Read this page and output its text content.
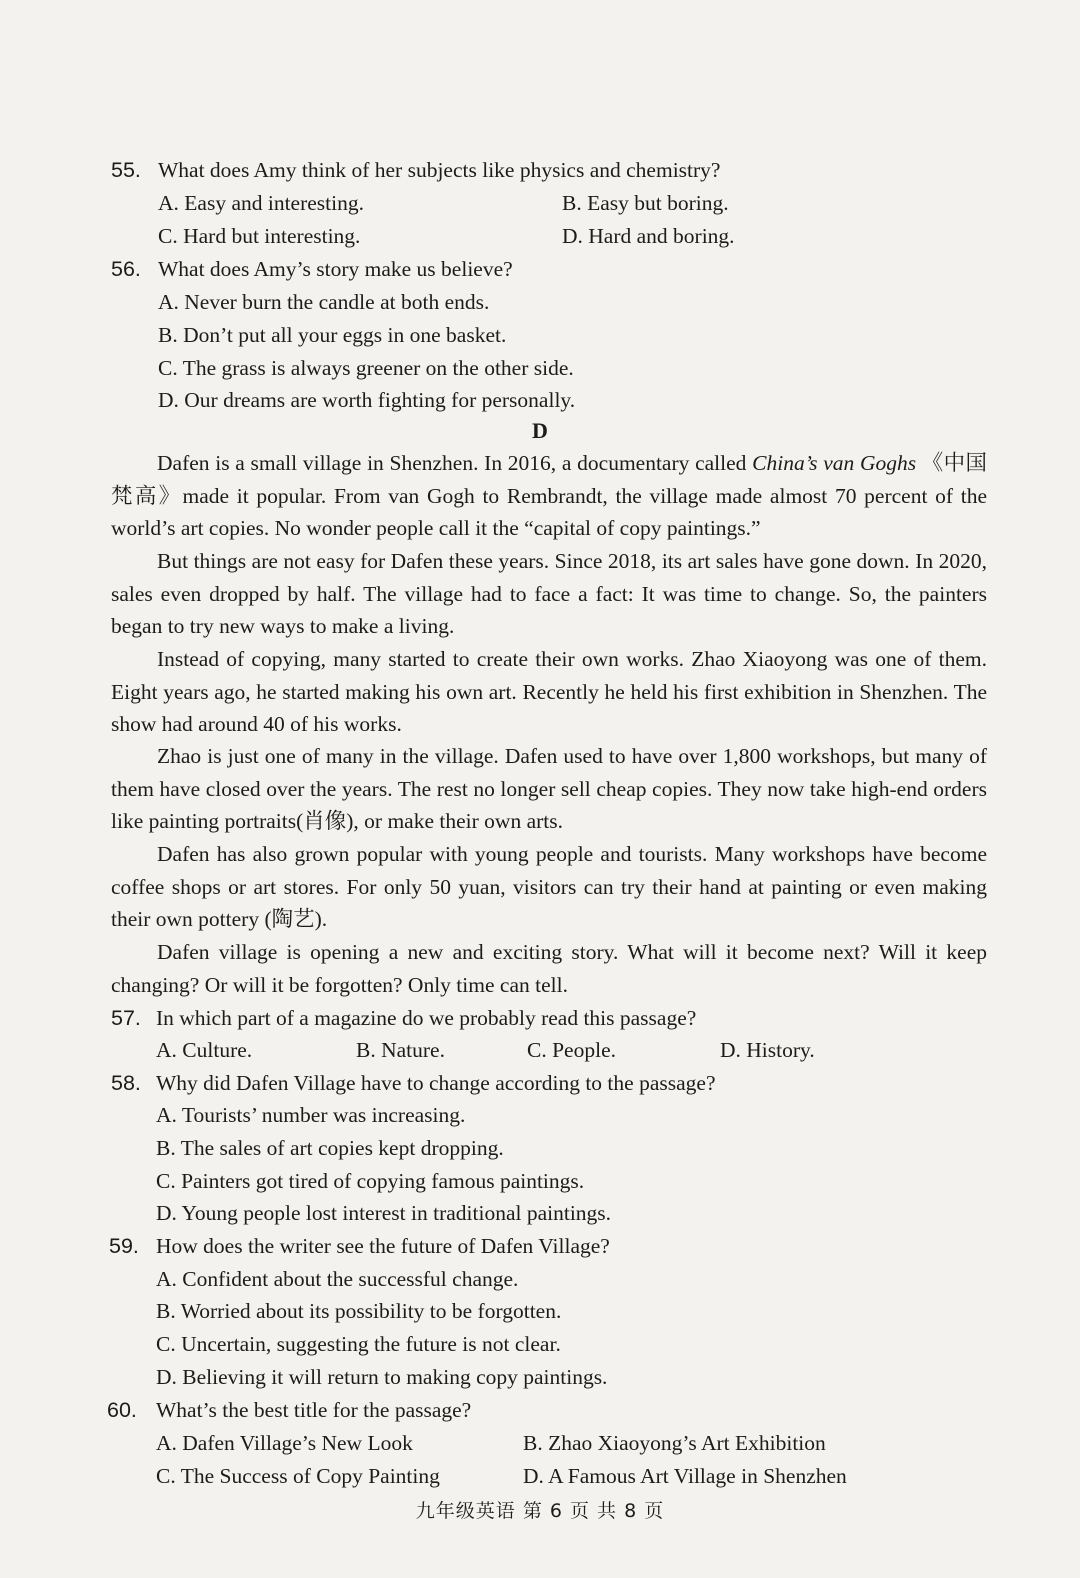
55. What does Amy think of her subjects like physics and chemistry?
A. Easy and interesting.	B. Easy but boring.
C. Hard but interesting.	D. Hard and boring.
56. What does Amy’s story make us believe?
A. Never burn the candle at both ends.
B. Don’t put all your eggs in one basket.
C. The grass is always greener on the other side.
D. Our dreams are worth fighting for personally.
D
Dafen is a small village in Shenzhen. In 2016, a documentary called China’s van Goghs 《中国梵高》made it popular. From van Gogh to Rembrandt, the village made almost 70 percent of the world’s art copies. No wonder people call it the “capital of copy paintings.”
But things are not easy for Dafen these years. Since 2018, its art sales have gone down. In 2020, sales even dropped by half. The village had to face a fact: It was time to change. So, the painters began to try new ways to make a living.
Instead of copying, many started to create their own works. Zhao Xiaoyong was one of them. Eight years ago, he started making his own art. Recently he held his first exhibition in Shenzhen. The show had around 40 of his works.
Zhao is just one of many in the village. Dafen used to have over 1,800 workshops, but many of them have closed over the years. The rest no longer sell cheap copies. They now take high-end orders like painting portraits(肖像), or make their own arts.
Dafen has also grown popular with young people and tourists. Many workshops have become coffee shops or art stores. For only 50 yuan, visitors can try their hand at painting or even making their own pottery (陶艺).
Dafen village is opening a new and exciting story. What will it become next? Will it keep changing? Or will it be forgotten? Only time can tell.
57. In which part of a magazine do we probably read this passage?
A. Culture.	B. Nature.	C. People.	D. History.
58. Why did Dafen Village have to change according to the passage?
A. Tourists’ number was increasing.
B. The sales of art copies kept dropping.
C. Painters got tired of copying famous paintings.
D. Young people lost interest in traditional paintings.
59. How does the writer see the future of Dafen Village?
A. Confident about the successful change.
B. Worried about its possibility to be forgotten.
C. Uncertain, suggesting the future is not clear.
D. Believing it will return to making copy paintings.
60. What’s the best title for the passage?
A. Dafen Village’s New Look	B. Zhao Xiaoyong’s Art Exhibition
C. The Success of Copy Painting	D. A Famous Art Village in Shenzhen
九年级英语 第 6 页 共 8 页
